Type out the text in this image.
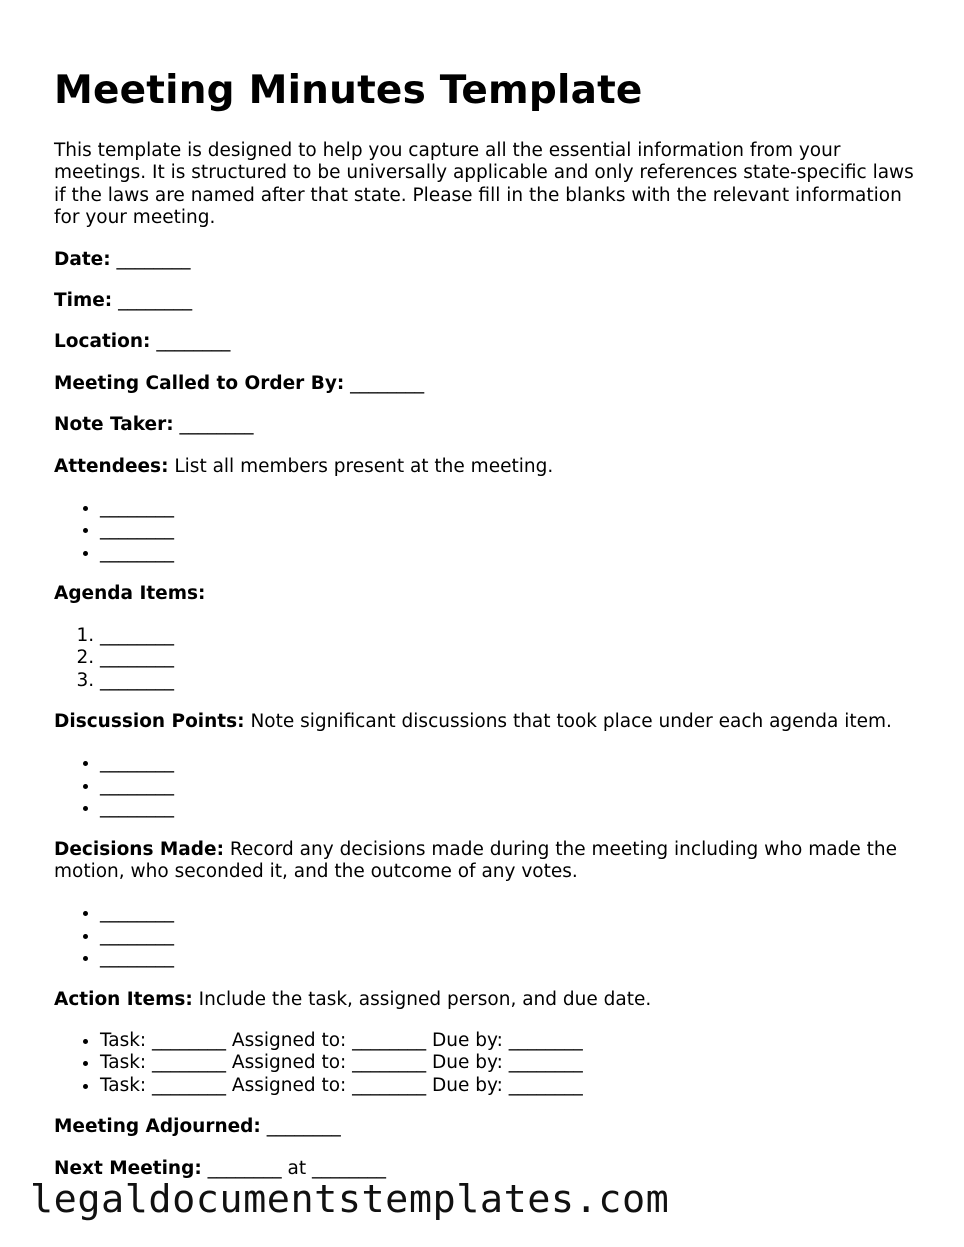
Meeting Minutes Template

This template is designed to help you capture all the essential information from your meetings. It is structured to be universally applicable and only references state-specific laws if the laws are named after that state. Please fill in the blanks with the relevant information for your meeting.

Date: ________

Time: ________

Location: ________

Meeting Called to Order By: ________

Note Taker: ________

Attendees: List all members present at the meeting.

• ________
• ________
• ________

Agenda Items:

1. ________
2. ________
3. ________

Discussion Points: Note significant discussions that took place under each agenda item.

• ________
• ________
• ________

Decisions Made: Record any decisions made during the meeting including who made the motion, who seconded it, and the outcome of any votes.

• ________
• ________
• ________

Action Items: Include the task, assigned person, and due date.

• Task: ________ Assigned to: ________ Due by: ________
• Task: ________ Assigned to: ________ Due by: ________
• Task: ________ Assigned to: ________ Due by: ________

Meeting Adjourned: ________

Next Meeting: ________ at ________

legaldocumentstemplates.com
